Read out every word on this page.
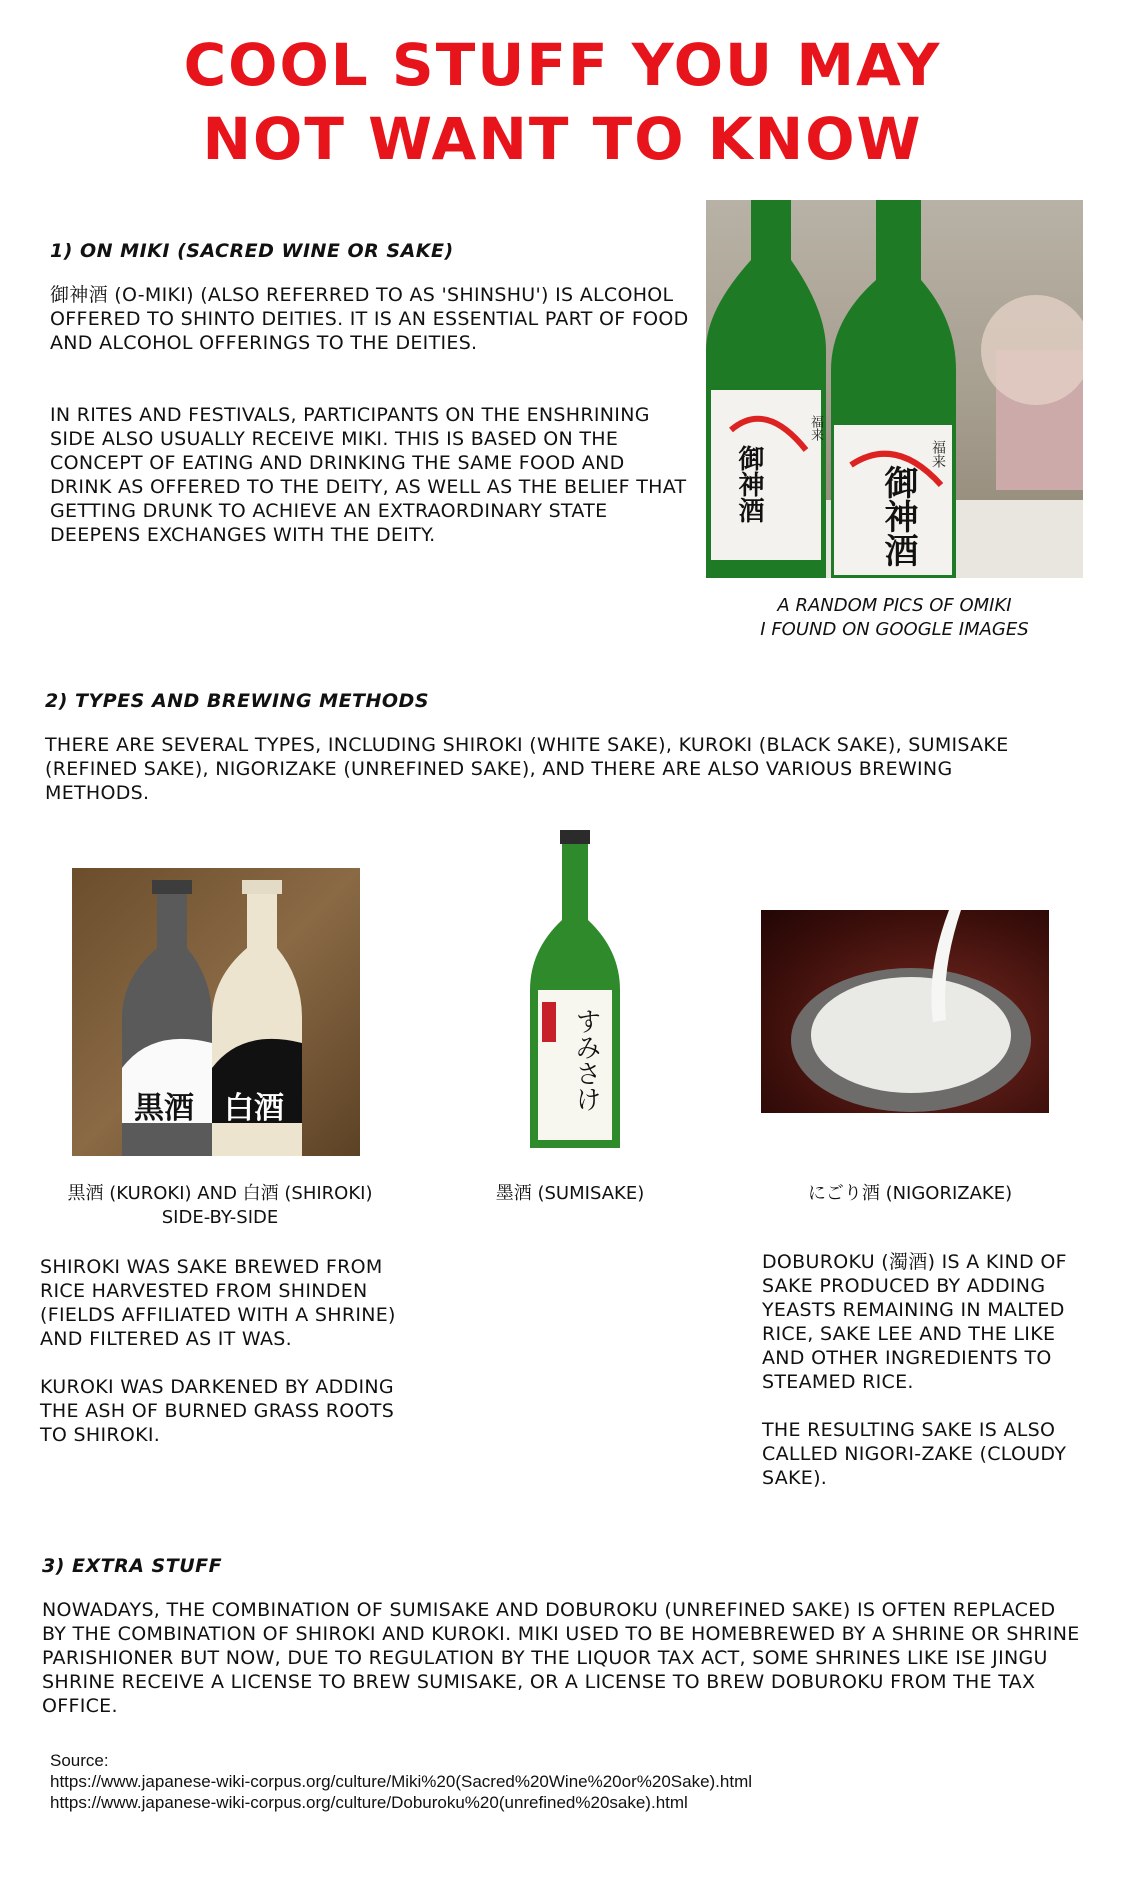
COOL STUFF YOU MAY
NOT WANT TO KNOW
1) ON MIKI (SACRED WINE OR SAKE)
御神酒 (O-MIKI) (ALSO REFERRED TO AS 'SHINSHU') IS ALCOHOL OFFERED TO SHINTO DEITIES. IT IS AN ESSENTIAL PART OF FOOD AND ALCOHOL OFFERINGS TO THE DEITIES.
IN RITES AND FESTIVALS, PARTICIPANTS ON THE ENSHRINING SIDE ALSO USUALLY RECEIVE MIKI. THIS IS BASED ON THE CONCEPT OF EATING AND DRINKING THE SAME FOOD AND DRINK AS OFFERED TO THE DEITY, AS WELL AS THE BELIEF THAT GETTING DRUNK TO ACHIEVE AN EXTRAORDINARY STATE DEEPENS EXCHANGES WITH THE DEITY.
御神酒	御神酒
福来
福来
A RANDOM PICS OF OMIKI
I FOUND ON GOOGLE IMAGES
2) TYPES AND BREWING METHODS
THERE ARE SEVERAL TYPES, INCLUDING SHIROKI (WHITE SAKE), KUROKI (BLACK SAKE), SUMISAKE (REFINED SAKE), NIGORIZAKE (UNREFINED SAKE), AND THERE ARE ALSO VARIOUS BREWING METHODS.
黒酒 白酒	すみさけ
黒酒 (KUROKI) AND 白酒 (SHIROKI)
SIDE-BY-SIDE
墨酒 (SUMISAKE)	にごり酒 (NIGORIZAKE)
SHIROKI WAS SAKE BREWED FROM RICE HARVESTED FROM SHINDEN (FIELDS AFFILIATED WITH A SHRINE) AND FILTERED AS IT WAS.
KUROKI WAS DARKENED BY ADDING THE ASH OF BURNED GRASS ROOTS TO SHIROKI.
DOBUROKU (濁酒) IS A KIND OF SAKE PRODUCED BY ADDING YEASTS REMAINING IN MALTED RICE, SAKE LEE AND THE LIKE AND OTHER INGREDIENTS TO STEAMED RICE.
THE RESULTING SAKE IS ALSO CALLED NIGORI-ZAKE (CLOUDY SAKE).
3) EXTRA STUFF
NOWADAYS, THE COMBINATION OF SUMISAKE AND DOBUROKU (UNREFINED SAKE) IS OFTEN REPLACED BY THE COMBINATION OF SHIROKI AND KUROKI. MIKI USED TO BE HOMEBREWED BY A SHRINE OR SHRINE PARISHIONER BUT NOW, DUE TO REGULATION BY THE LIQUOR TAX ACT, SOME SHRINES LIKE ISE JINGU SHRINE RECEIVE A LICENSE TO BREW SUMISAKE, OR A LICENSE TO BREW DOBUROKU FROM THE TAX OFFICE.
Source:
https://www.japanese-wiki-corpus.org/culture/Miki%20(Sacred%20Wine%20or%20Sake).html
https://www.japanese-wiki-corpus.org/culture/Doburoku%20(unrefined%20sake).html
